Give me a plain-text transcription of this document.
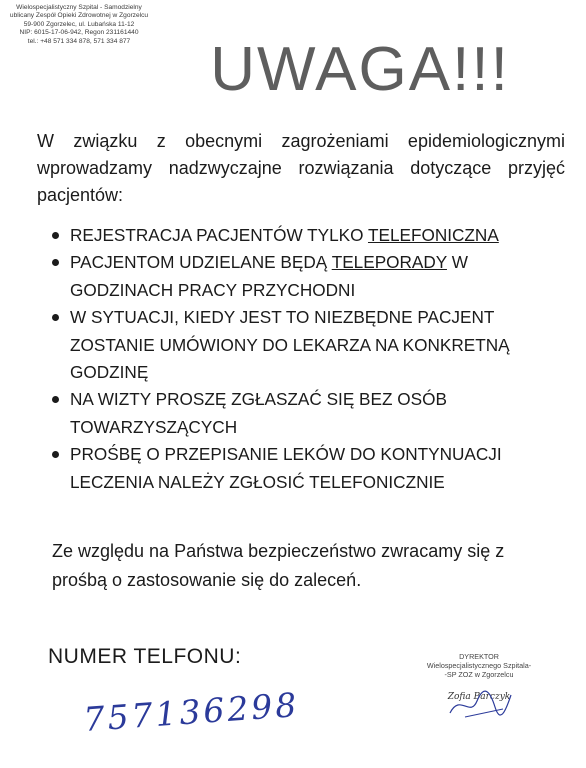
Wielospecjalistyczny Szpital - Samodzielny
ublicany Zespół Opieki Zdrowotnej w Zgorzelcu
59-900 Zgorzelec, ul. Lubańska 11-12
NIP: 6015-17-06-942, Regon 231161440
tel.: +48 571 334 878, 571 334 877	UWAGA!!!
W związku z obecnymi zagrożeniami epidemiologicznymi wprowadzamy nadzwyczajne rozwiązania dotyczące przyjęć pacjentów:
REJESTRACJA PACJENTÓW TYLKO TELEFONICZNA
PACJENTOM UDZIELANE BĘDĄ TELEPORADY W GODZINACH PRACY PRZYCHODNI
W SYTUACJI, KIEDY JEST TO NIEZBĘDNE PACJENT ZOSTANIE UMÓWIONY DO LEKARZA NA KONKRETNĄ GODZINĘ
NA WIZTY PROSZĘ ZGŁASZAĆ SIĘ BEZ OSÓB TOWARZYSZĄCYCH
PROŚBĘ O PRZEPISANIE LEKÓW DO KONTYNUACJI LECZENIA NALEŻY ZGŁOSIĆ TELEFONICZNIE
Ze względu na Państwa bezpieczeństwo zwracamy się z prośbą o zastosowanie się do zaleceń.
NUMER TELFONU:
757136298
DYREKTOR
Wielospecjalistycznego Szpitala-
-SP ZOZ w Zgorzelcu
Zofia Barczyk
